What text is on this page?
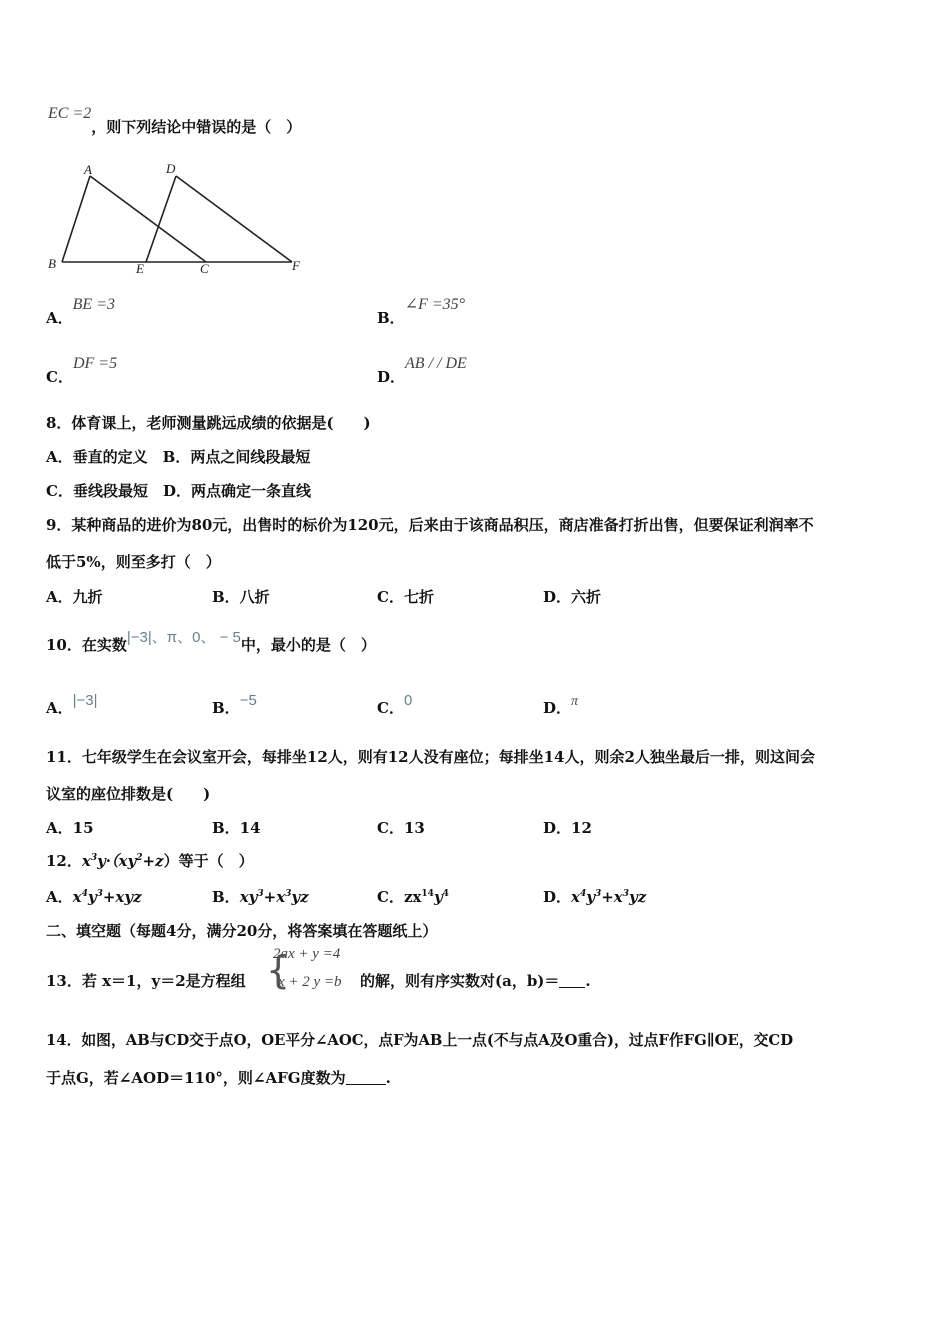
EC =2，则下列结论中错误的是（　）
A	D
B	E	C	F
A．BE =3
B．∠F =35°
C．DF =5
D．AB / / DE
8．体育课上，老师测量跳远成绩的依据是(　　)
A．垂直的定义　B．两点之间线段最短
C．垂线段最短　D．两点确定一条直线
9．某种商品的进价为80元，出售时的标价为120元，后来由于该商品积压，商店准备打折出售，但要保证利润率不
低于5%，则至多打（　）
A．九折	B．八折	C．七折	D．六折
10．在实数|−3|、π、0、 − 5中，最小的是（　）
A．|−3|	B．−5	C．0	D．π
11．七年级学生在会议室开会，每排坐12人，则有12人没有座位；每排坐14人，则余2人独坐最后一排，则这间会
议室的座位排数是(　　)
A．15	B．14	C．13	D．12
12．$x^3y\cdot(xy^2+z)$等于（　）
A．$x^4y^3+xyz$	B．$xy^3+x^3yz$	C．$zx^{14}y^4$	D．$x^4y^3+x^3yz$
二、填空题（每题4分，满分20分，将答案填在答题纸上）
13．若 x＝1，y＝2是方程组 {
2ax + y =4
x + 2 y =b 的解，则有序实数对(a，b)＝ .
14．如图，AB与CD交于点O，OE平分∠AOC，点F为AB上一点(不与点A及O重合)，过点F作FG∥OE，交CD
于点G，若∠AOD＝110°，则∠AFG度数为	.
